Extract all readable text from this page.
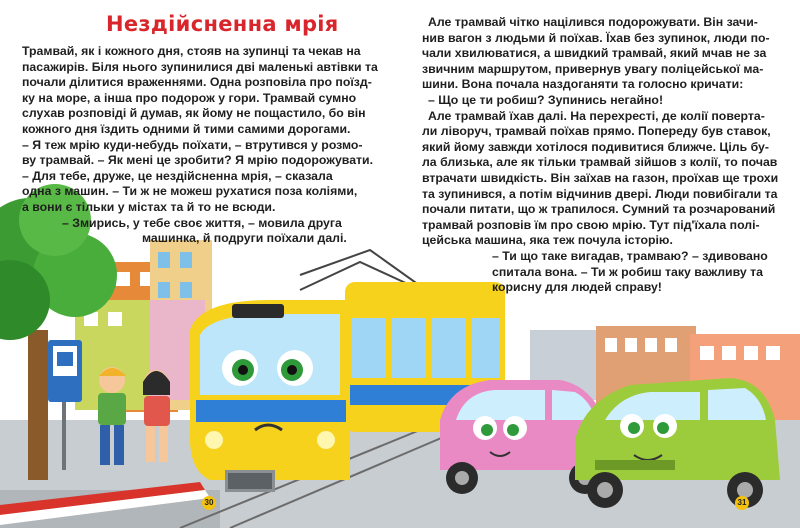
Нездійсненна мрія

Трамвай, як і кожного дня, стояв на зупинці та чекав на

пасажирів. Біля нього зупинилися дві маленькі автівки та

почали ділитися враженнями. Одна розповіла про поїзд-

ку на море, а інша про подорож у гори. Трамвай сумно

слухав розповіді й думав, як йому не пощастило, бо він

кожного дня їздить одними й тими самими дорогами.

– Я теж мрію куди-небудь поїхати, – втрутився у розмо-

ву трамвай. – Як мені це зробити? Я мрію подорожувати.

– Для тебе, друже, це нездійсненна мрія, – сказала

одна з машин. – Ти ж не можеш рухатися поза коліями,

а вони є тільки у містах та й то не всюди.

– Змирись, у тебе своє життя, – мовила друга

машинка, й подруги поїхали далі.

30

Але трамвай чітко націлився подорожувати. Він зачи-

нив вагон з людьми й поїхав. Їхав без зупинок, люди по-

чали хвилюватися, а швидкий трамвай, який мчав не за

звичним маршрутом, привернув увагу поліцейської ма-

шини. Вона почала наздоганяти та голосно кричати:

– Що це ти робиш? Зупинись негайно!

Але трамвай їхав далі. На перехресті, де колії поверта-

ли ліворуч, трамвай поїхав прямо. Попереду був ставок,

який йому завжди хотілося подивитися ближче. Ціль бу-

ла близька, але як тільки трамвай зійшов з колії, то почав

втрачати швидкість. Він заїхав на газон, проїхав ще трохи

та зупинився, а потім відчинив двері. Люди повибігали та

почали питати, що ж трапилося. Сумний та розчарований

трамвай розповів їм про свою мрію. Тут під'їхала полі-

цейська машина, яка теж почула історію.

– Ти що таке вигадав, трамваю? – здивовано

спитала вона. – Ти ж робиш таку важливу та

корисну для людей справу!

31
